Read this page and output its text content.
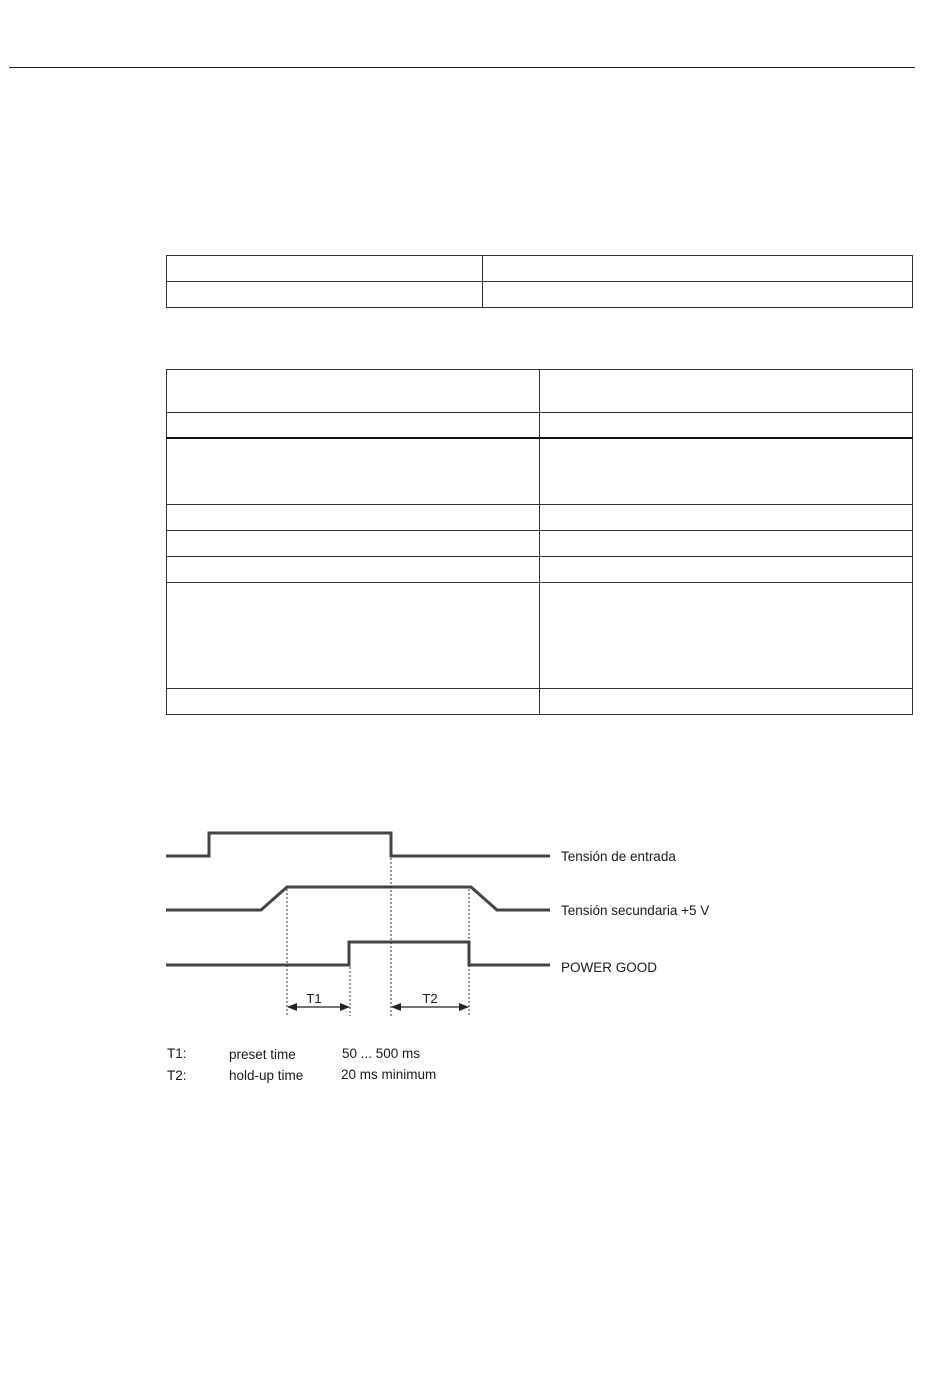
Tensión de entrada
Tensión secundaria +5 V
POWER GOOD
T1	T2
T1:	preset time	50 ... 500 ms
T2:	hold-up time	20 ms minimum
